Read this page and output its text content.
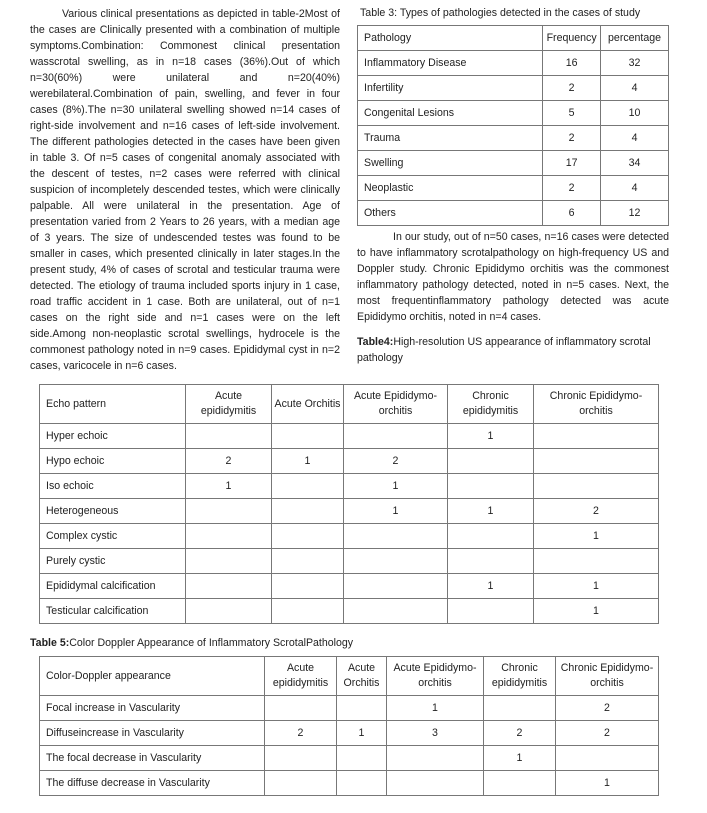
Various clinical presentations as depicted in table-2Most of the cases are Clinically presented with a combination of multiple symptoms.Combination: Commonest clinical presentation wasscrotal swelling, as in n=18 cases (36%).Out of which n=30(60%) were unilateral and n=20(40%) werebilateral.Combination of pain, swelling, and fever in four cases (8%).The n=30 unilateral swelling showed n=14 cases of right-side involvement and n=16 cases of left-side involvement. The different pathologies detected in the cases have been given in table 3. Of n=5 cases of congenital anomaly associated with the descent of testes, n=2 cases were referred with clinical suspicion of incompletely descended testes, which were clinically palpable. All were unilateral in the presentation. Age of presentation varied from 2 Years to 26 years, with a median age of 3 years. The size of undescended testes was found to be smaller in cases, which presented clinically in later stages.In the present study, 4% of cases of scrotal and testicular trauma were detected. The etiology of trauma included sports injury in 1 case, road traffic accident in 1 case. Both are unilateral, out of n=1 cases on the right side and n=1 cases were on the left side.Among non-neoplastic scrotal swellings, hydrocele is the commonest pathology noted in n=9 cases. Epididymal cyst in n=2 cases, varicocele in n=6 cases.
Table 3: Types of pathologies detected in the cases of study
Pathology	Frequency	percentage
Inflammatory Disease	16	32
Infertility	2	4
Congenital Lesions	5	10
Trauma	2	4
Swelling	17	34
Neoplastic	2	4
Others	6	12
In our study, out of n=50 cases, n=16 cases were detected to have inflammatory scrotalpathology on high-frequency US and Doppler study. Chronic Epididymo orchitis was the commonest inflammatory pathology detected, noted in n=5 cases. Next, the most frequentinflammatory pathology detected was acute Epididymo orchitis, noted in n=4 cases.
Table4:High-resolution US appearance of inflammatory scrotal pathology
Echo pattern	Acute epididymitis	Acute Orchitis	Acute Epididymo-orchitis	Chronic epididymitis	Chronic Epididymo-orchitis
Hyper echoic				1	
Hypo echoic	2	1	2		
Iso echoic	1		1		
Heterogeneous			1	1	2
Complex cystic					1
Purely cystic					
Epididymal calcification				1	1
Testicular calcification					1
Table 5:Color Doppler Appearance of Inflammatory ScrotalPathology
Color-Doppler appearance	Acute epididymitis	Acute Orchitis	Acute Epididymo-orchitis	Chronic epididymitis	Chronic Epididymo-orchitis
Focal increase in Vascularity			1		2
Diffuseincrease in Vascularity	2	1	3	2	2
The focal decrease in Vascularity				1	
The diffuse decrease in Vascularity					1
